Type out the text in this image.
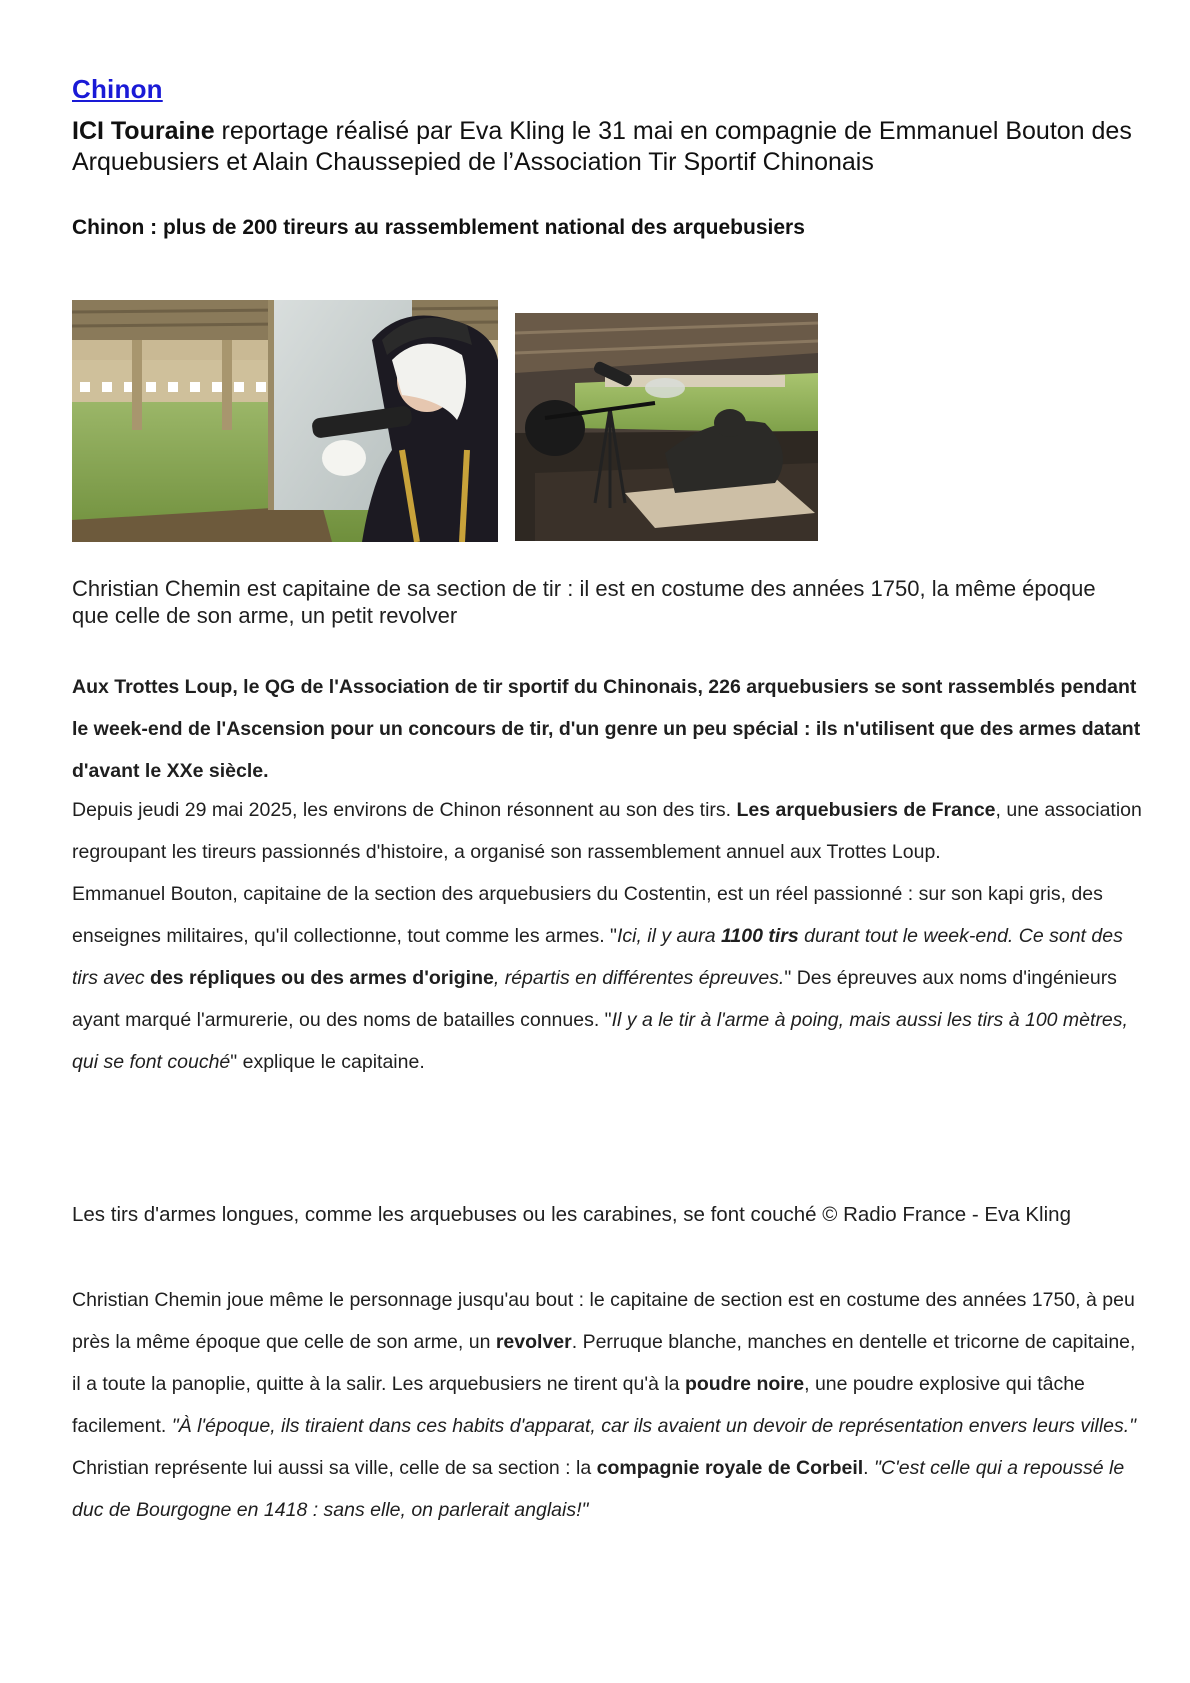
Chinon
ICI Touraine reportage réalisé par Eva Kling le 31 mai en compagnie de Emmanuel Bouton des Arquebusiers et Alain Chaussepied de l’Association Tir Sportif Chinonais
Chinon : plus de 200 tireurs au rassemblement national des arquebusiers
Christian Chemin est capitaine de sa section de tir : il est en costume des années 1750, la même époque que celle de son arme, un petit revolver
Aux Trottes Loup, le QG de l'Association de tir sportif du Chinonais, 226 arquebusiers se sont rassemblés pendant le week-end de l'Ascension pour un concours de tir, d'un genre un peu spécial : ils n'utilisent que des armes datant d'avant le XXe siècle.

Depuis jeudi 29 mai 2025, les environs de Chinon résonnent au son des tirs. Les arquebusiers de France, une association regroupant les tireurs passionnés d'histoire, a organisé son rassemblement annuel aux Trottes Loup.

Emmanuel Bouton, capitaine de la section des arquebusiers du Costentin, est un réel passionné : sur son kapi gris, des enseignes militaires, qu'il collectionne, tout comme les armes. "Ici, il y aura 1100 tirs durant tout le week-end. Ce sont des tirs avec des répliques ou des armes d'origine, répartis en différentes épreuves." Des épreuves aux noms d'ingénieurs ayant marqué l'armurerie, ou des noms de batailles connues. "Il y a le tir à l'arme à poing, mais aussi les tirs à 100 mètres, qui se font couché" explique le capitaine.

Les tirs d'armes longues, comme les arquebuses ou les carabines, se font couché © Radio France - Eva Kling

Christian Chemin joue même le personnage jusqu'au bout : le capitaine de section est en costume des années 1750, à peu près la même époque que celle de son arme, un revolver. Perruque blanche, manches en dentelle et tricorne de capitaine, il a toute la panoplie, quitte à la salir. Les arquebusiers ne tirent qu'à la poudre noire, une poudre explosive qui tâche facilement. "À l'époque, ils tiraient dans ces habits d'apparat, car ils avaient un devoir de représentation envers leurs villes."

Christian représente lui aussi sa ville, celle de sa section : la compagnie royale de Corbeil. "C'est celle qui a repoussé le duc de Bourgogne en 1418 : sans elle, on parlerait anglais!"
